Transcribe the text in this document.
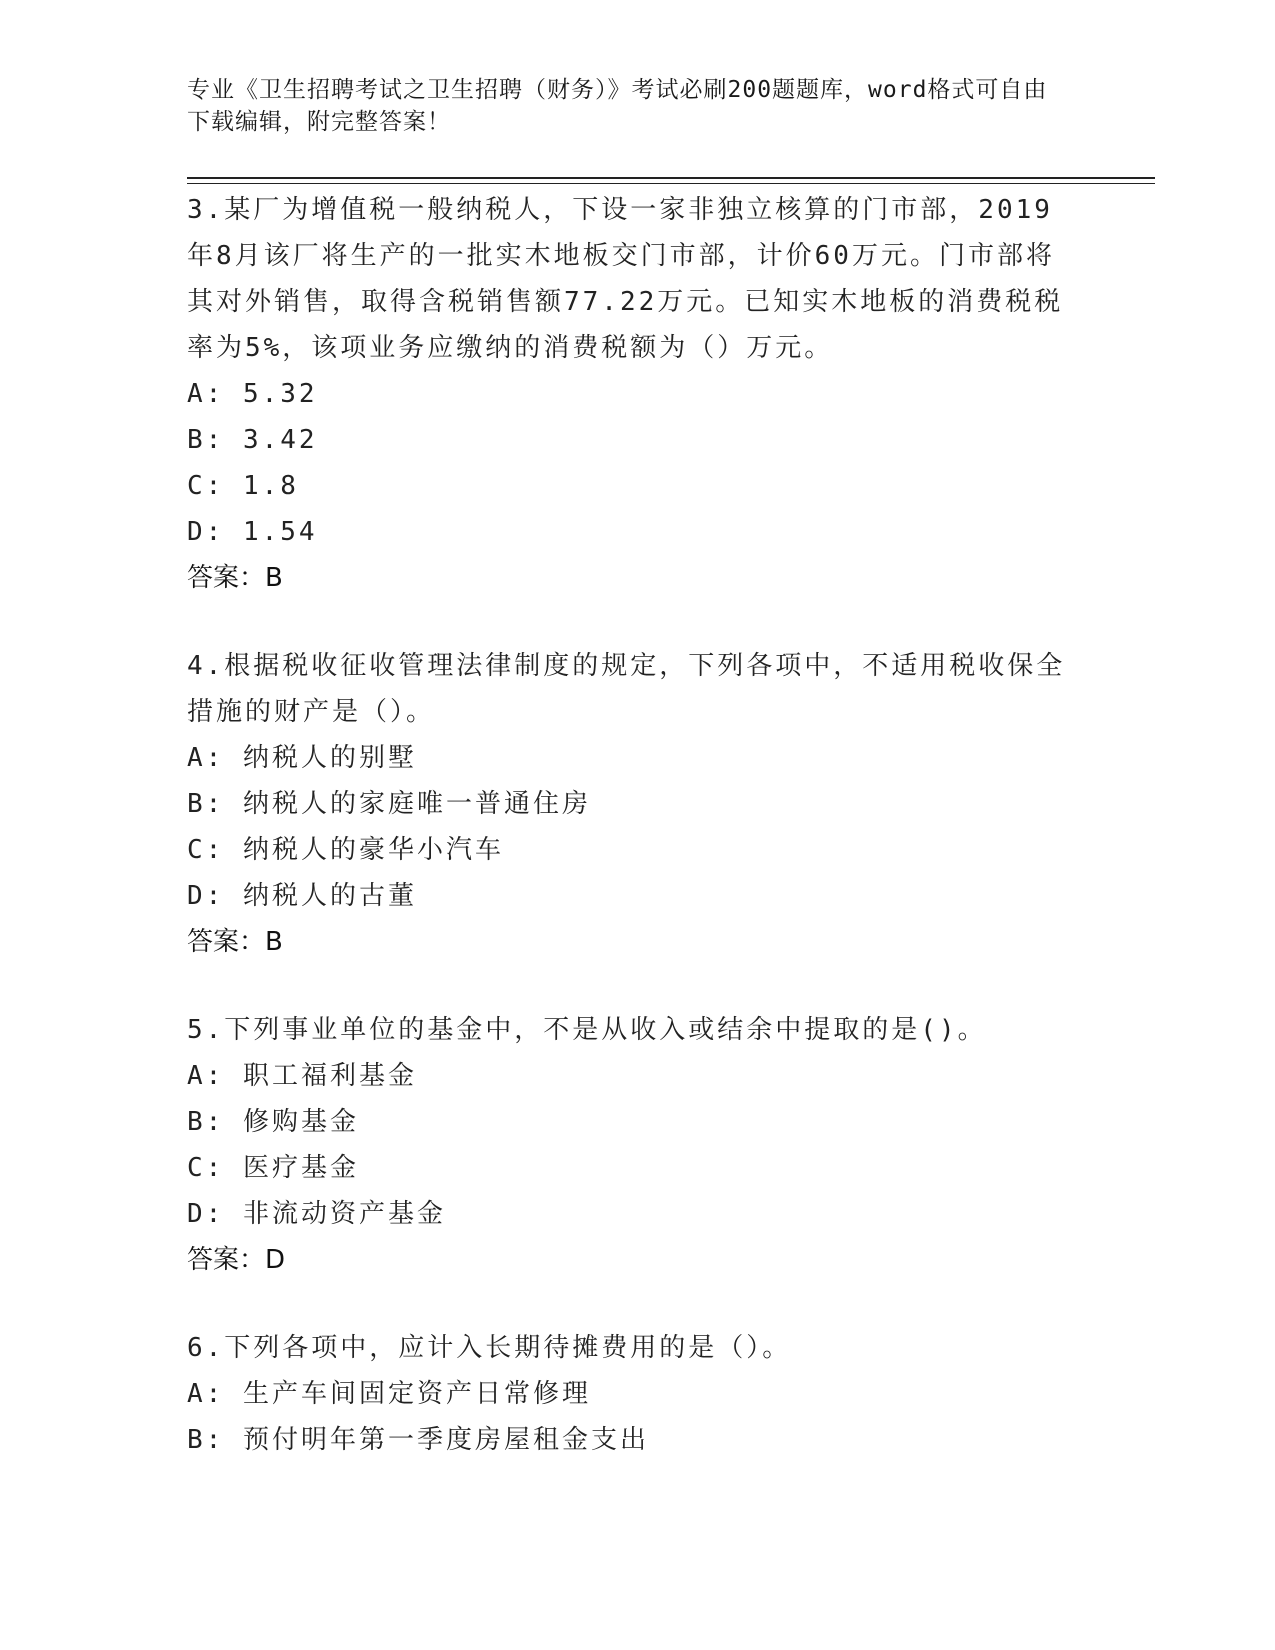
专业《卫生招聘考试之卫生招聘（财务）》考试必刷200题题库，word格式可自由下载编辑，附完整答案！

3.某厂为增值税一般纳税人，下设一家非独立核算的门市部，2019年8月该厂将生产的一批实木地板交门市部，计价60万元。门市部将其对外销售，取得含税销售额77.22万元。已知实木地板的消费税税率为5%，该项业务应缴纳的消费税额为（）万元。

A: 5.32

B: 3.42

C: 1.8

D: 1.54

答案：B

4.根据税收征收管理法律制度的规定，下列各项中，不适用税收保全措施的财产是（）。

A: 纳税人的别墅

B: 纳税人的家庭唯一普通住房

C: 纳税人的豪华小汽车

D: 纳税人的古董

答案：B

5.下列事业单位的基金中，不是从收入或结余中提取的是()。

A: 职工福利基金

B: 修购基金

C: 医疗基金

D: 非流动资产基金

答案：D

6.下列各项中，应计入长期待摊费用的是（）。

A: 生产车间固定资产日常修理

B: 预付明年第一季度房屋租金支出
